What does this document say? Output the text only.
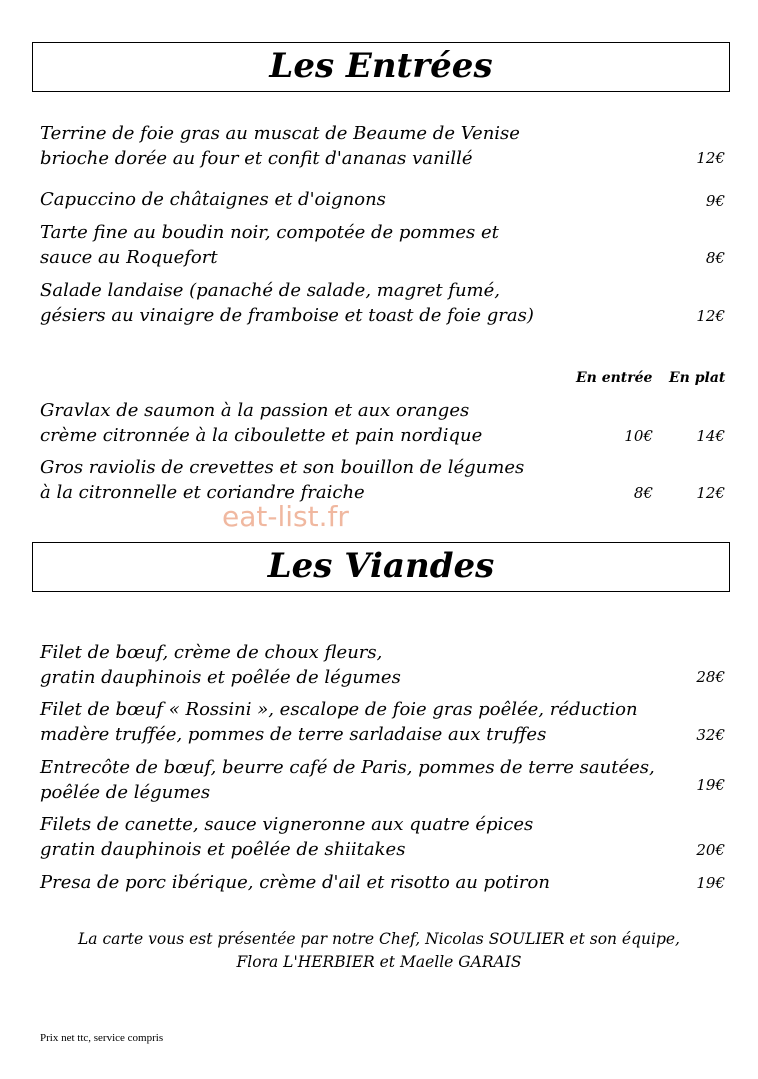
Les Entrées
Terrine de foie gras au muscat de Beaume de Venise
brioche dorée au four et confit d'ananas vanillé	12€
Capuccino de châtaignes et d'oignons	9€
Tarte fine au boudin noir, compotée de pommes et
sauce au Roquefort	8€
Salade landaise (panaché de salade, magret fumé,
gésiers au vinaigre de framboise et toast de foie gras)	12€
En entrée En plat
Gravlax de saumon à la passion et aux oranges
crème citronnée à la ciboulette et pain nordique	10€	14€
Gros raviolis de crevettes et son bouillon de légumes
à la citronnelle et coriandre fraiche	8€	12€
eat-list.fr
Les Viandes
Filet de bœuf, crème de choux fleurs,
gratin dauphinois et poêlée de légumes	28€
Filet de bœuf « Rossini », escalope de foie gras poêlée, réduction
madère truffée, pommes de terre sarladaise aux truffes	32€
Entrecôte de bœuf, beurre café de Paris, pommes de terre sautées,
poêlée de légumes	19€
Filets de canette, sauce vigneronne aux quatre épices
gratin dauphinois et poêlée de shiitakes	20€
Presa de porc ibérique, crème d'ail et risotto au potiron	19€
La carte vous est présentée par notre Chef, Nicolas SOULIER et son équipe,
Flora L'HERBIER et Maelle GARAIS
Prix net ttc, service compris
